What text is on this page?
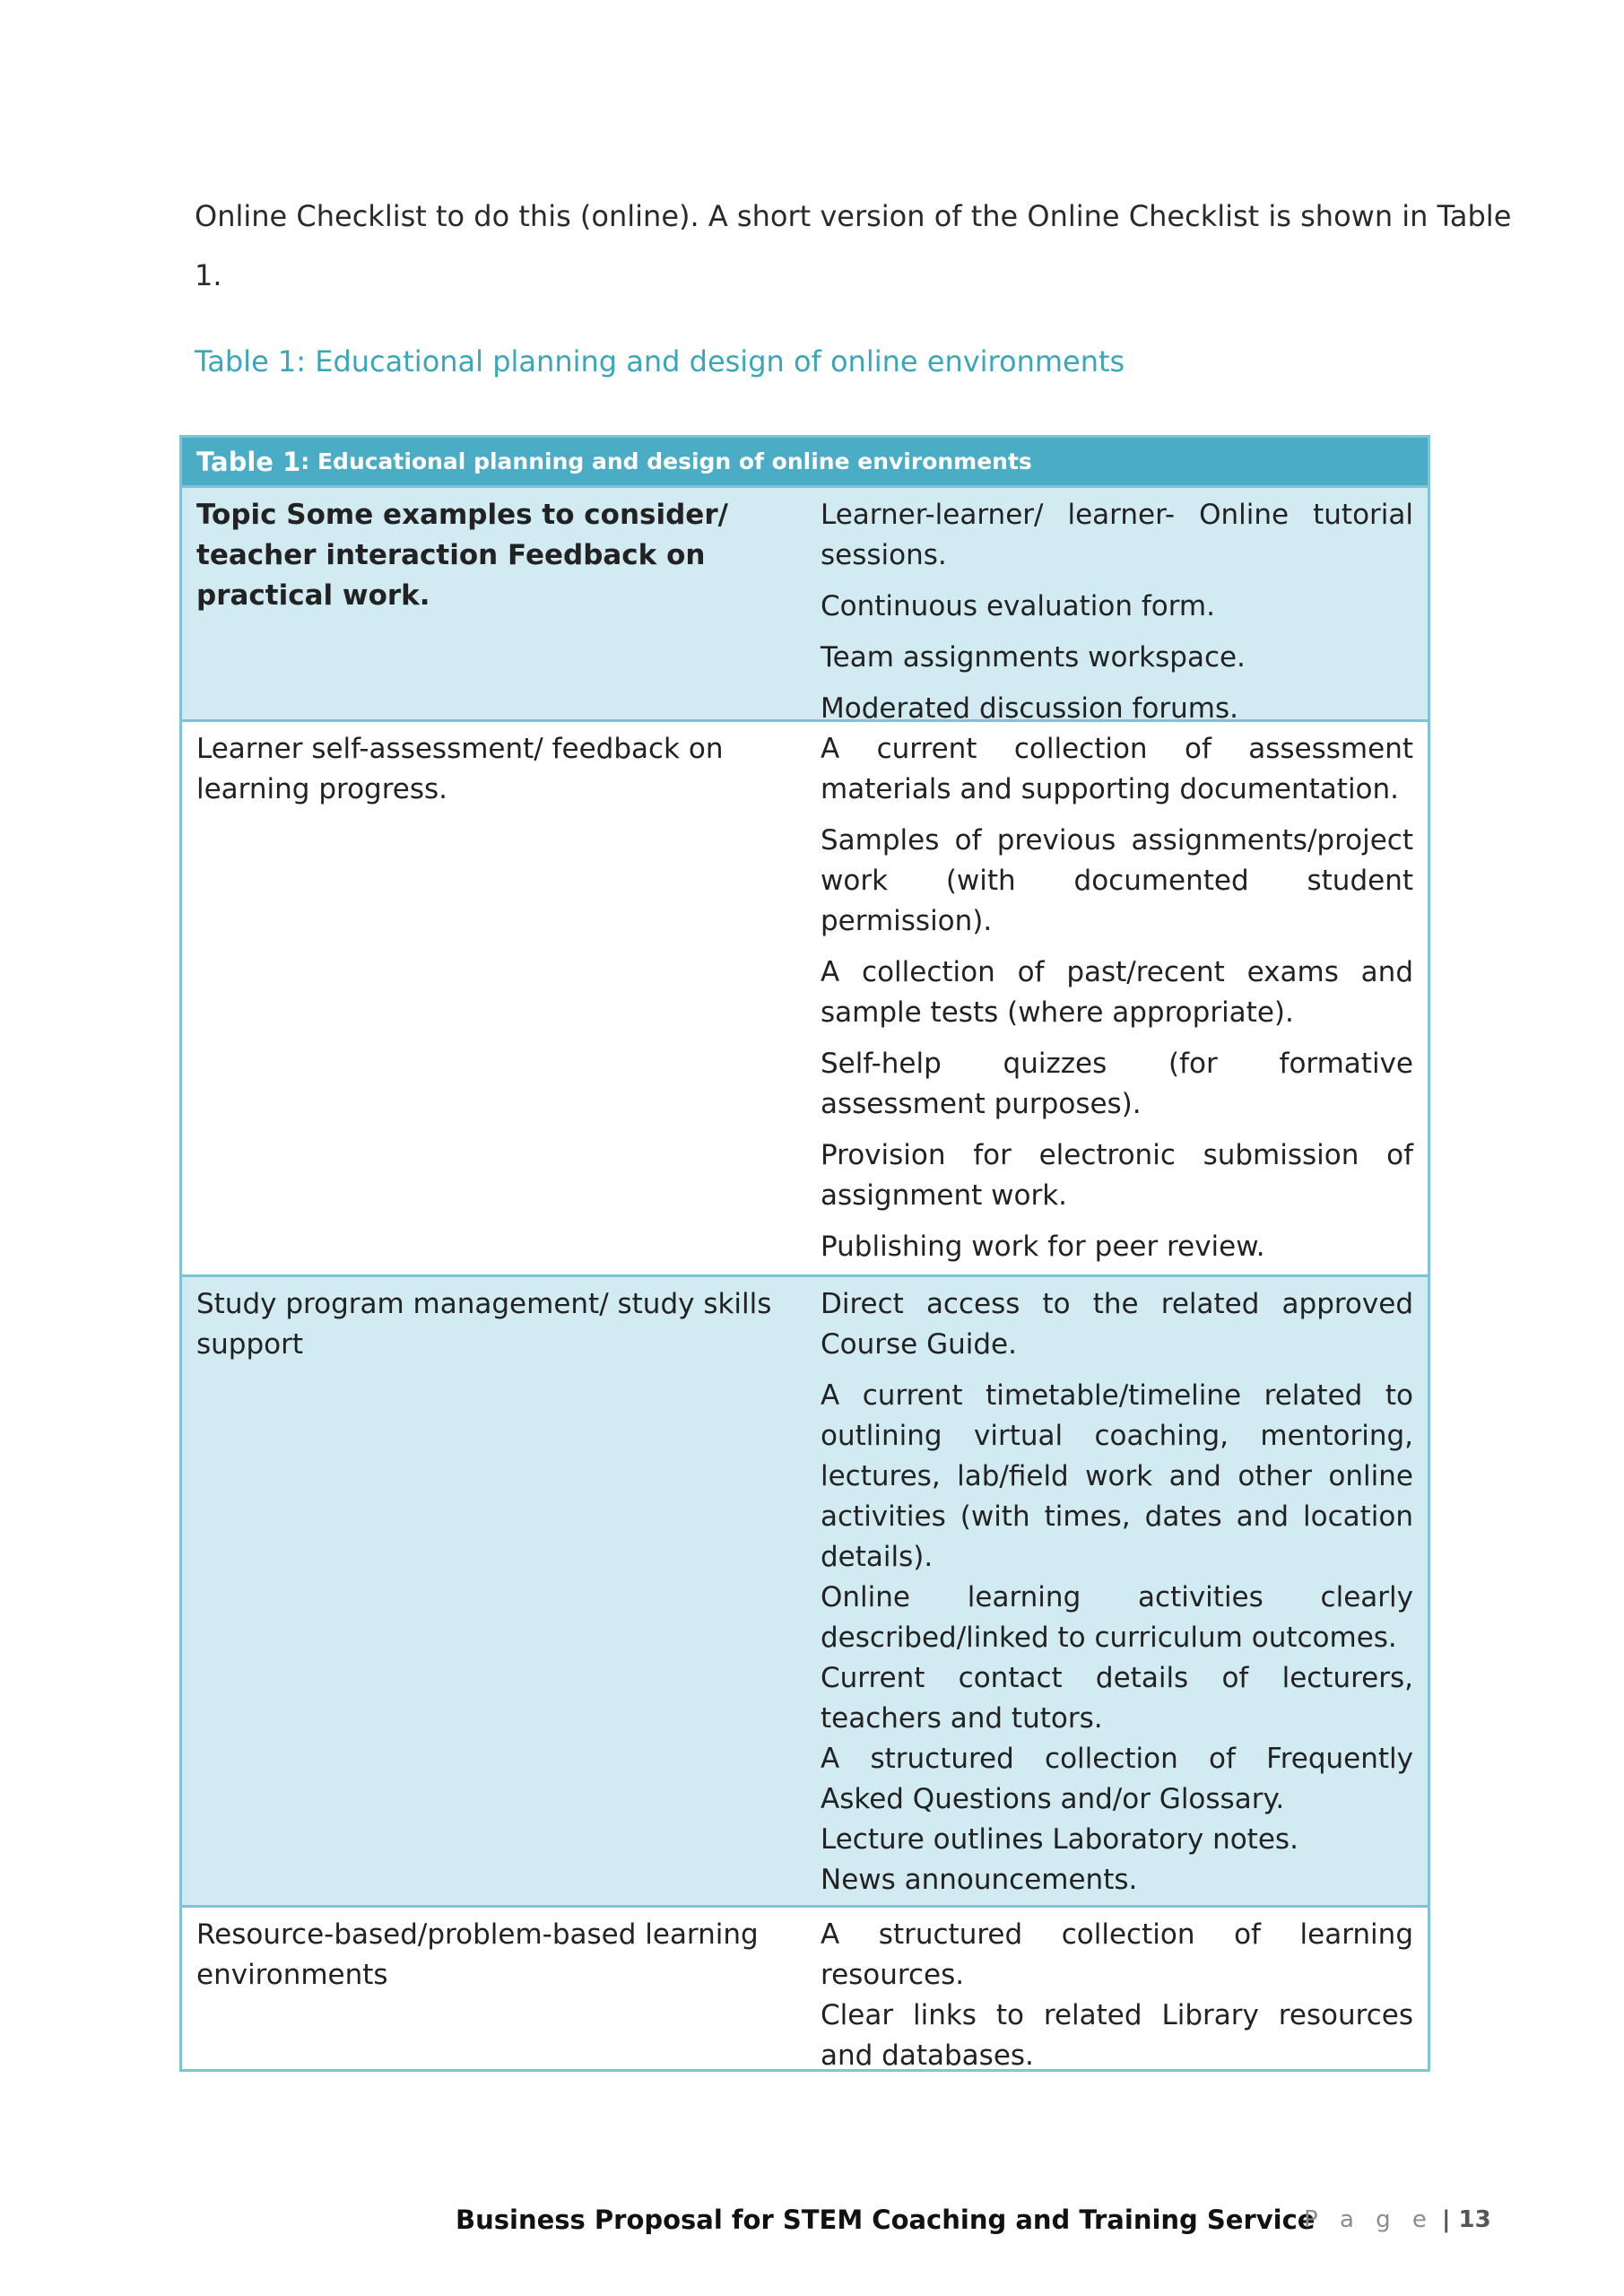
Online Checklist to do this (online). A short version of the Online Checklist is shown in Table
1.
Table 1: Educational planning and design of online environments
Table 1 : Educational planning and design of online environments
Topic Some examples to consider/ teacher interaction Feedback on practical work.
Learner-learner/ learner- Online tutorial sessions.
Continuous evaluation form.
Team assignments workspace.
Moderated discussion forums.
Learner self-assessment/ feedback on learning progress.
A current collection of assessment materials and supporting documentation.
Samples of previous assignments/project work (with documented student permission).
A collection of past/recent exams and sample tests (where appropriate).
Self-help quizzes (for formative assessment purposes).
Provision for electronic submission of assignment work.
Publishing work for peer review.
Study program management/ study skills support
Direct access to the related approved Course Guide.
A current timetable/timeline related to outlining virtual coaching, mentoring, lectures, lab/field work and other online activities (with times, dates and location details).
Online learning activities clearly described/linked to curriculum outcomes.
Current contact details of lecturers, teachers and tutors.
A structured collection of Frequently Asked Questions and/or Glossary.
Lecture outlines Laboratory notes.
News announcements.
Resource-based/problem-based learning environments
A structured collection of learning resources.
Clear links to related Library resources and databases.
Business Proposal for STEM Coaching and Training Service
P a g e | 13
